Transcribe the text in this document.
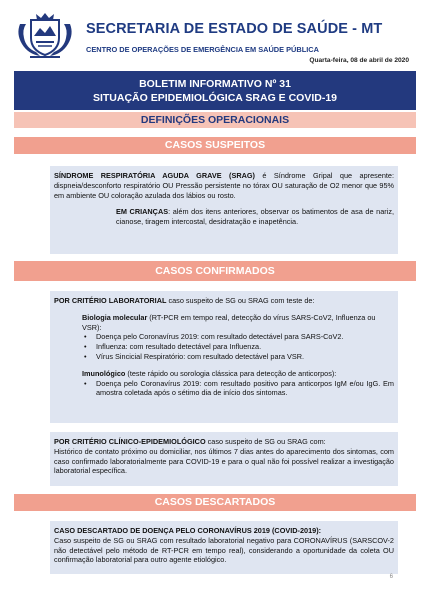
SECRETARIA DE ESTADO DE SAÚDE - MT
CENTRO DE OPERAÇÕES DE EMERGÊNCIA EM SAÚDE PÚBLICA
Quarta-feira, 08 de abril de 2020
BOLETIM INFORMATIVO Nº 31
SITUAÇÃO EPIDEMIOLÓGICA SRAG E COVID-19
DEFINIÇÕES OPERACIONAIS
CASOS SUSPEITOS

SÍNDROME RESPIRATÓRIA AGUDA GRAVE (SRAG) é Síndrome Gripal que apresente: dispneia/desconforto respiratório OU Pressão persistente no tórax OU saturação de O2 menor que 95% em ambiente OU coloração azulada dos lábios ou rosto.

EM CRIANÇAS: além dos itens anteriores, observar os batimentos de asa de nariz, cianose, tiragem intercostal, desidratação e inapetência.

CASOS CONFIRMADOS

POR CRITÉRIO LABORATORIAL caso suspeito de SG ou SRAG com teste de:

Biologia molecular (RT-PCR em tempo real, detecção do vírus SARS-CoV2, Influenza ou VSR):

• Doença pelo Coronavírus 2019: com resultado detectável para SARS-CoV2.
• Influenza: com resultado detectável para Influenza.
• Vírus Sincicial Respiratório: com resultado detectável para VSR.

Imunológico (teste rápido ou sorologia clássica para detecção de anticorpos):

• Doença pelo Coronavírus 2019: com resultado positivo para anticorpos IgM e/ou IgG. Em amostra coletada após o sétimo dia de início dos sintomas.

POR CRITÉRIO CLÍNICO-EPIDEMIOLÓGICO caso suspeito de SG ou SRAG com:

Histórico de contato próximo ou domiciliar, nos últimos 7 dias antes do aparecimento dos sintomas, com caso confirmado laboratorialmente para COVID-19 e para o qual não foi possível realizar a investigação laboratorial específica.

CASOS DESCARTADOS

CASO DESCARTADO DE DOENÇA PELO CORONAVÍRUS 2019 (COVID-2019):

Caso suspeito de SG ou SRAG com resultado laboratorial negativo para CORONAVÍRUS (SARSCOV-2 não detectável pelo método de RT-PCR em tempo real), considerando a oportunidade da coleta OU confirmação laboratorial para outro agente etiológico.

6
